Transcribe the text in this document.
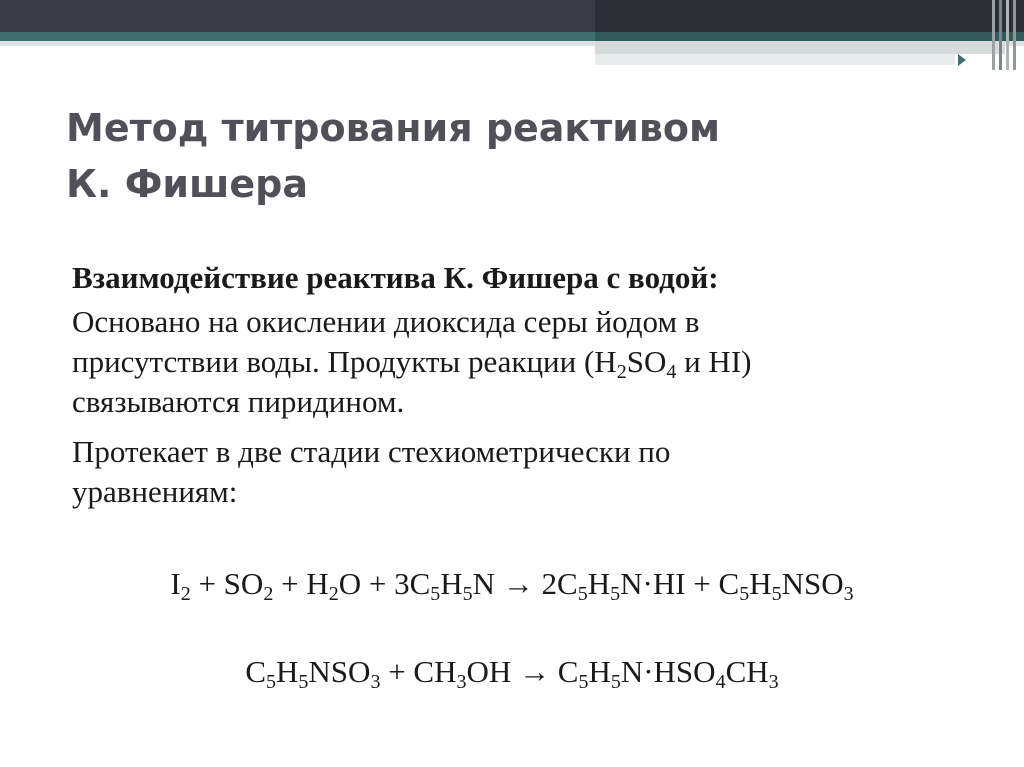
Метод титрования реактивом
К. Фишера

Взаимодействие реактива К. Фишера с водой:

Основано на окислении диоксида серы йодом в
присутствии воды. Продукты реакции ($H_2SO_4$ и HI)
связываются пиридином.

Протекает в две стадии стехиометрически по
уравнениям:

$I_2 + SO_2 + H_2O + 3C_5H_5N \to 2C_5H_5N\cdot HI + C_5H_5NSO_3$
$C_5H_5NSO_3 + CH_3OH \to C_5H_5N\cdot HSO_4CH_3$
